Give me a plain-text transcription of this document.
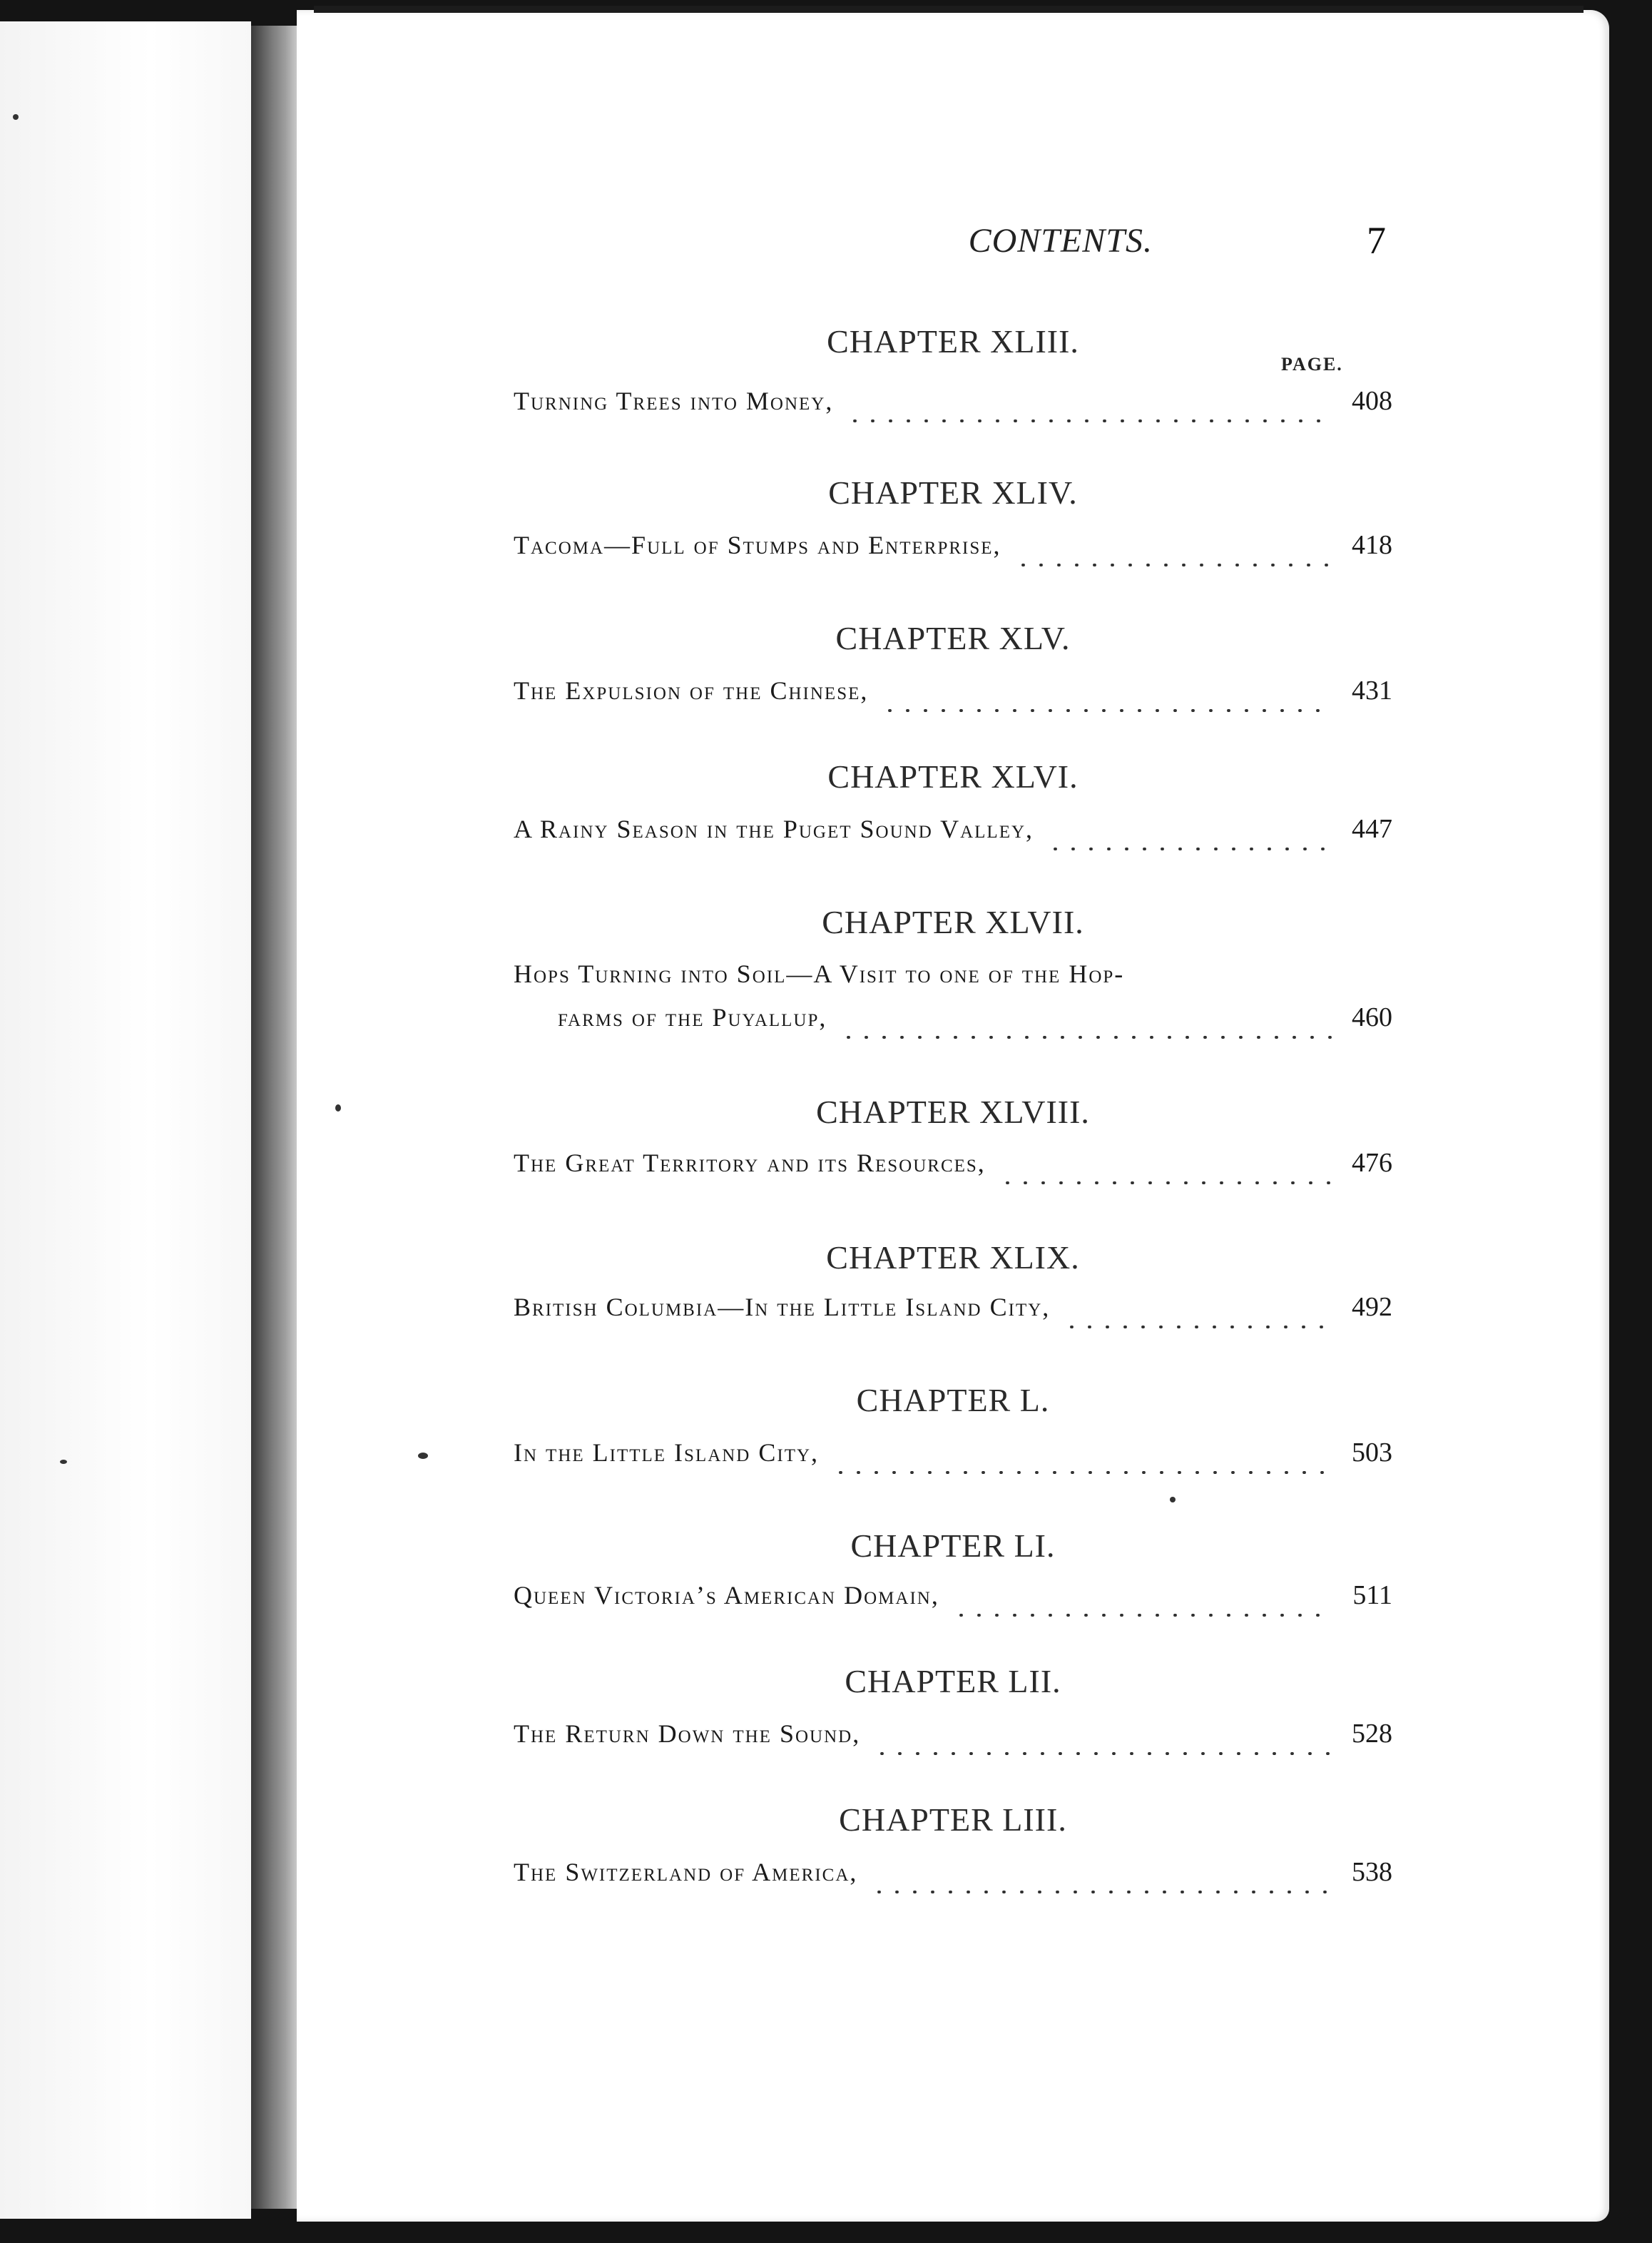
CONTENTS.	7
PAGE.
CHAPTER XLIII.
Turning Trees into Money,	408
CHAPTER XLIV.
Tacoma—Full of Stumps and Enterprise,	418
CHAPTER XLV.
The Expulsion of the Chinese,	431
CHAPTER XLVI.
A Rainy Season in the Puget Sound Valley,	447
CHAPTER XLVII.
Hops Turning into Soil—A Visit to one of the Hop-
farms of the Puyallup,	460
CHAPTER XLVIII.
The Great Territory and its Resources,	476
CHAPTER XLIX.
British Columbia—In the Little Island City,	492
CHAPTER L.
In the Little Island City,	503
CHAPTER LI.
Queen Victoria’s American Domain,	511
CHAPTER LII.
The Return Down the Sound,	528
CHAPTER LIII.
The Switzerland of America,	538
